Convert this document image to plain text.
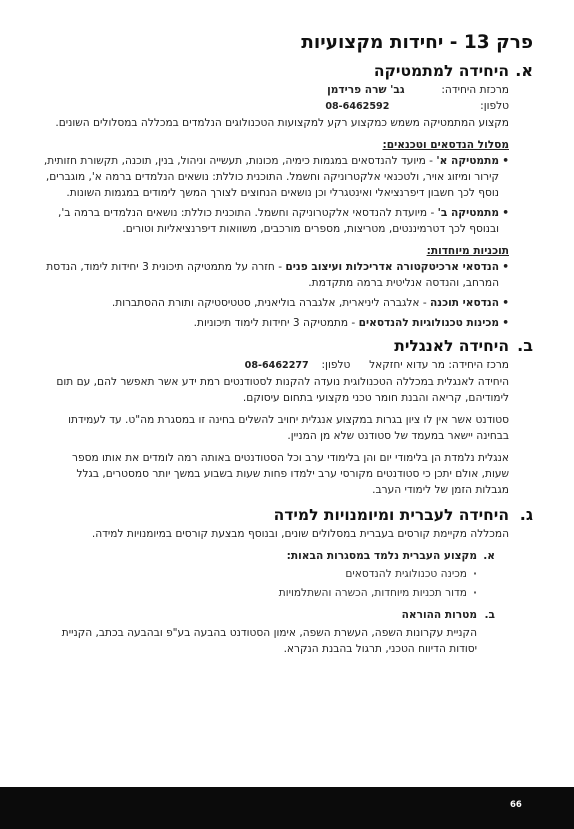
פרק 13 - יחידות מקצועיות
א.
היחידה למתמטיקה
מרכזת היחידה:  גב' שרה פרידמן
טלפון:  08-6462592

מקצוע המתמטיקה משמש כמקצוע רקע למקצועות הטכנולוגים הנלמדים במכללה במסלולים השונים.

מסלול הנדסאים וטכנאים:
• מתמטיקה א' - מיועד להנדסאים במגמות כימיה, מכונות, תעשייה וניהול, בנין, תוכנה, תקשורת חזותית, קירור ומיזוג אויר, ולטכנאי אלקטרוניקה וחשמל. התוכנית כוללת: נושאים הנלמדים ברמה א', מוגברים, נוסף לכך חשבון דיפרנציאלי ואינטגרלי וכן נושאים הנחוצים לצורך המשך לימודים במגמות השונות.
• מתמטיקה ב' - מיועדת להנדסאי אלקטרוניקה וחשמל. התוכנית כוללת: נושאים הנלמדים ברמה ב', ובנוסף לכך דטרמיננטים, מטריצות, מספרים מורכבים, משוואות דיפרנציאליות וטורים.
תוכניות מיוחדות:
• הנדסאי ארכיטקטורה אדריכלות ועיצוב פנים - חזרה על מתמטיקה תיכונית 3 יחידות לימוד, הנדסת המרחב, והנדסה אנליטית ברמה מתקדמת.
• הנדסאי תוכנה - אלגברה ליניארית, אלגברה בוליאנית, סטטיסטיקה ותורת ההסתברות.
• מכינות טכנולוגיות להנדסאים - מתמטיקה 3 יחידות לימוד תיכוניות.
ב.
היחידה לאנגלית
מרכז היחידה: מר עדוא יחזקאל  טלפון:  08-6462277

היחידה לאנגלית במכללה הטכנולוגית נועדה להקנות לסטודנטים רמת ידע אשר תאפשר להם, עם תום לימודיהם, קריאה והבנת חומר טכני מקצועי בתחום עיסוקם.

סטודנט אשר אין לו ציון בגרות במקצוע אנגלית יחויב להשלים בחינה זו במסגרת מה"ט. עד לעמידתו בבחינה יישאר במעמד של סטודנט שלא מן המניין.

אנגלית נלמדת הן בלימודי יום והן בלימודי ערב וכל הסטודנטים באותה רמה לומדים את אותו מספר שעות, אולם יתכן כי סטודנטים מקורסי ערב ילמדו פחות שעות בשבוע במשך יותר סמסטרים, בגלל מגבלות הזמן של לימודי הערב.

ג.
היחידה לעברית ומיומנויות למידה

המכללה מקיימת קורסים בעברית במסלולים שונים, ובנוסף מבצעת קורסים במיומנויות למידה.

א.
מקצוע העברית נלמד במסגרות הבאות:
· מכינה טכנולוגית להנדסאים
· מדור תכניות מיוחדות, הכשרה והשתלמויות
ב.
מטרות ההוראה

הקניית עקרונות השפה, העשרת השפה, אימון הסטודנט בהבעה בע"פ ובהבעה בכתב, הקניית יסודות הדיווח הטכני, תרגול בהבנת הנקרא.

66
